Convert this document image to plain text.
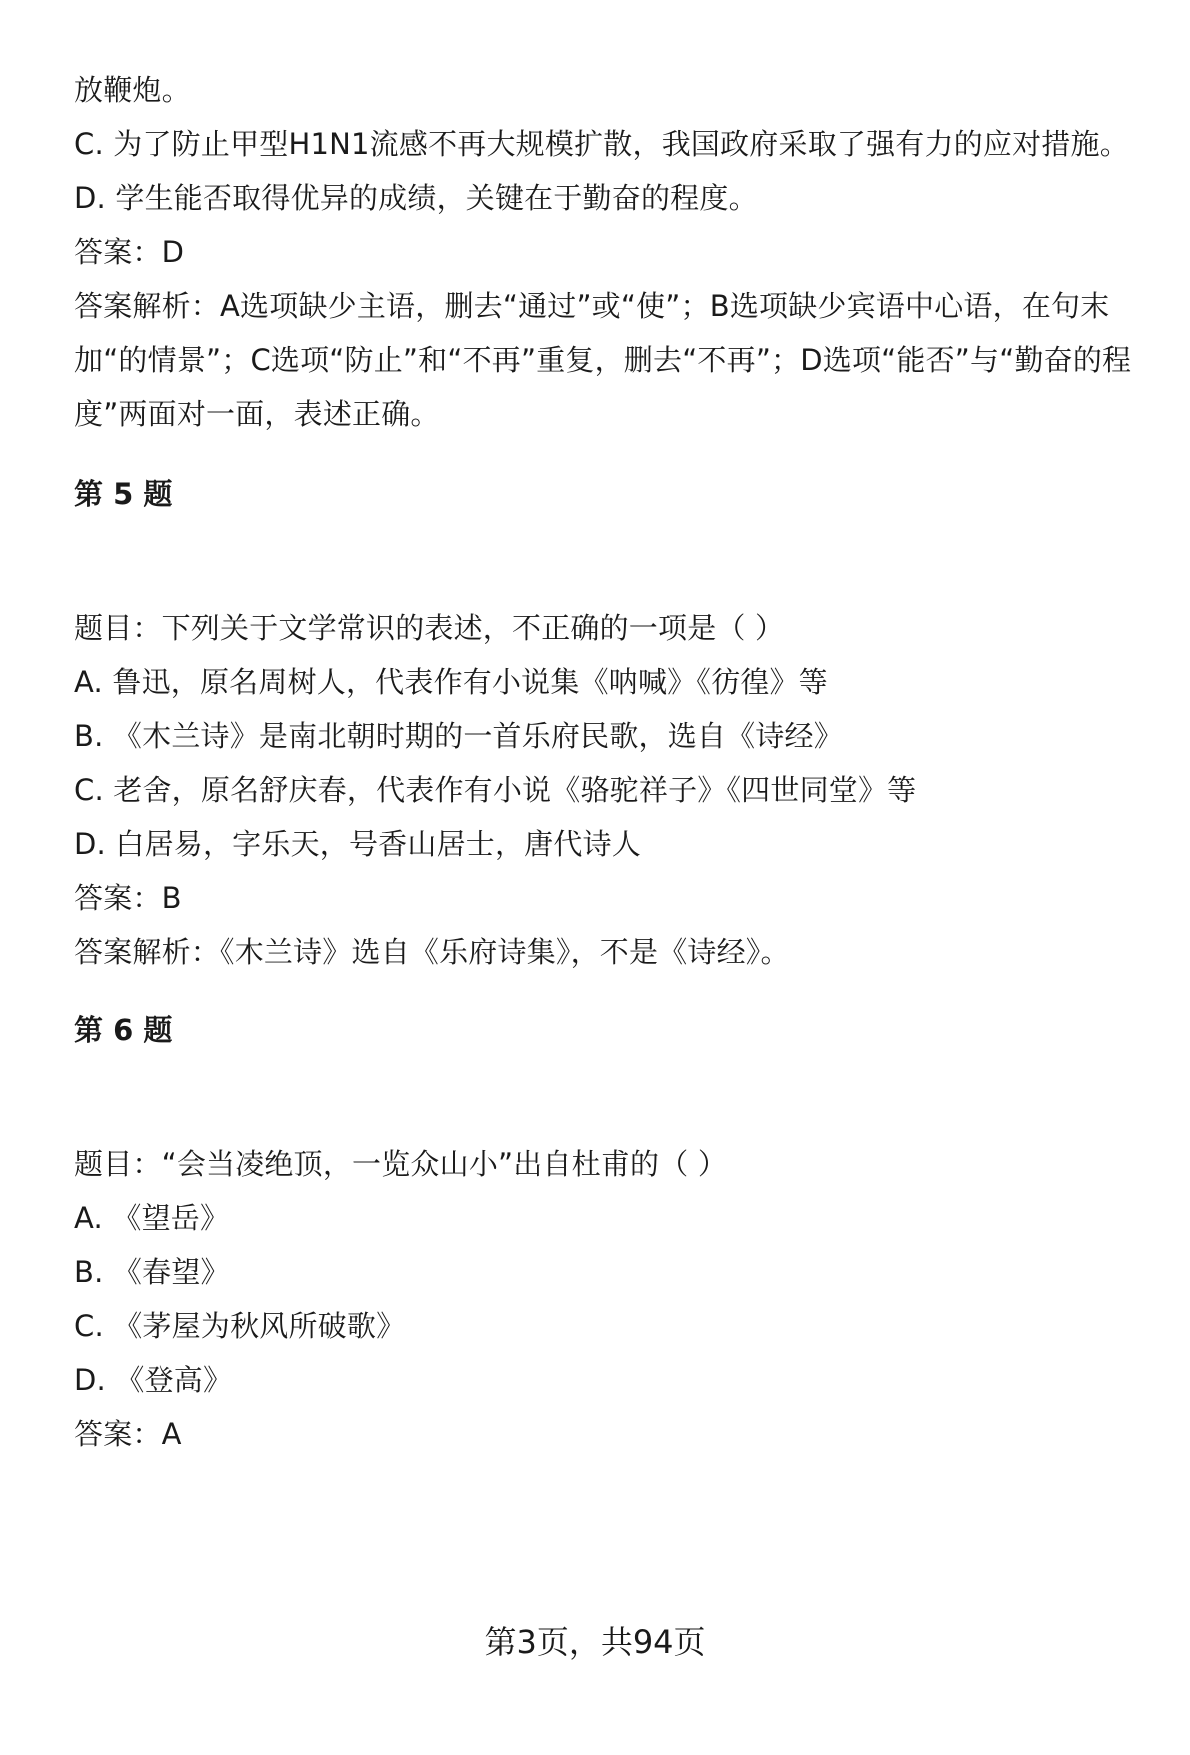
放鞭炮。
C. 为了防止甲型H1N1流感不再大规模扩散，我国政府采取了强有力的应对措施。
D. 学生能否取得优异的成绩，关键在于勤奋的程度。
答案：D
答案解析：A选项缺少主语，删去“通过”或“使”；B选项缺少宾语中心语，在句末
加“的情景”；C选项“防止”和“不再”重复，删去“不再”；D选项“能否”与“勤奋的程
度”两面对一面，表述正确。
第 5 题
题目：下列关于文学常识的表述，不正确的一项是（ ）
A. 鲁迅，原名周树人，代表作有小说集《呐喊》《彷徨》等
B. 《木兰诗》是南北朝时期的一首乐府民歌，选自《诗经》
C. 老舍，原名舒庆春，代表作有小说《骆驼祥子》《四世同堂》等
D. 白居易，字乐天，号香山居士，唐代诗人
答案：B
答案解析：《木兰诗》选自《乐府诗集》，不是《诗经》。
第 6 题
题目：“会当凌绝顶，一览众山小”出自杜甫的（ ）
A. 《望岳》
B. 《春望》
C. 《茅屋为秋风所破歌》
D. 《登高》
答案：A
第3页，共94页
